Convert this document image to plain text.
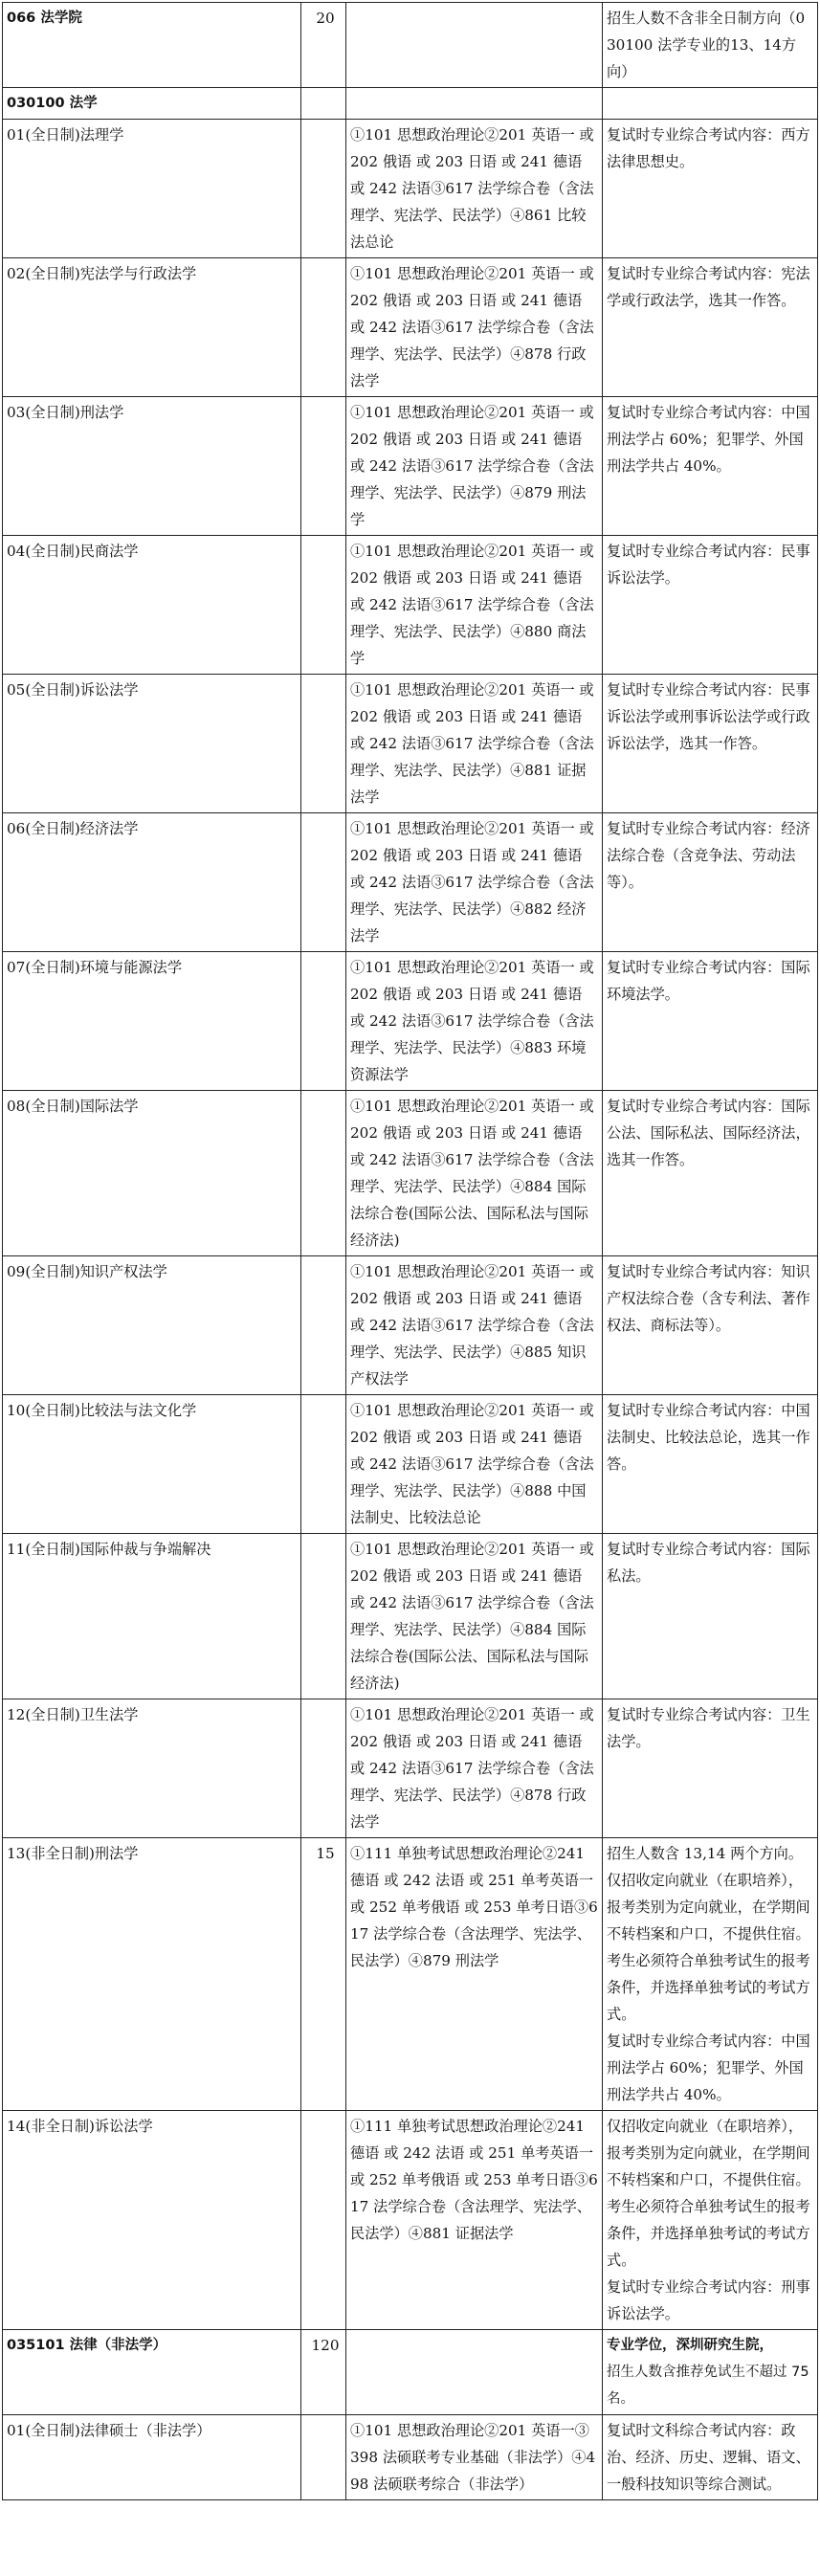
066 法学院	20		招生人数不含非全日制方向（030100 法学专业的13、14方向）
030100 法学			
01(全日制)法理学		①101 思想政治理论②201 英语一 或 202 俄语 或 203 日语 或 241 德语 或 242 法语③617 法学综合卷（含法理学、宪法学、民法学）④861 比较法总论	复试时专业综合考试内容：西方法律思想史。
02(全日制)宪法学与行政法学		①101 思想政治理论②201 英语一 或 202 俄语 或 203 日语 或 241 德语 或 242 法语③617 法学综合卷（含法理学、宪法学、民法学）④878 行政法学	复试时专业综合考试内容：宪法学或行政法学，选其一作答。
03(全日制)刑法学		①101 思想政治理论②201 英语一 或 202 俄语 或 203 日语 或 241 德语 或 242 法语③617 法学综合卷（含法理学、宪法学、民法学）④879 刑法学	复试时专业综合考试内容：中国刑法学占 60%；犯罪学、外国刑法学共占 40%。
04(全日制)民商法学		①101 思想政治理论②201 英语一 或 202 俄语 或 203 日语 或 241 德语 或 242 法语③617 法学综合卷（含法理学、宪法学、民法学）④880 商法学	复试时专业综合考试内容：民事诉讼法学。
05(全日制)诉讼法学		①101 思想政治理论②201 英语一 或 202 俄语 或 203 日语 或 241 德语 或 242 法语③617 法学综合卷（含法理学、宪法学、民法学）④881 证据法学	复试时专业综合考试内容：民事诉讼法学或刑事诉讼法学或行政诉讼法学，选其一作答。
06(全日制)经济法学		①101 思想政治理论②201 英语一 或 202 俄语 或 203 日语 或 241 德语 或 242 法语③617 法学综合卷（含法理学、宪法学、民法学）④882 经济法学	复试时专业综合考试内容：经济法综合卷（含竞争法、劳动法等）。
07(全日制)环境与能源法学		①101 思想政治理论②201 英语一 或 202 俄语 或 203 日语 或 241 德语 或 242 法语③617 法学综合卷（含法理学、宪法学、民法学）④883 环境资源法学	复试时专业综合考试内容：国际环境法学。
08(全日制)国际法学		①101 思想政治理论②201 英语一 或 202 俄语 或 203 日语 或 241 德语 或 242 法语③617 法学综合卷（含法理学、宪法学、民法学）④884 国际法综合卷(国际公法、国际私法与国际经济法)	复试时专业综合考试内容：国际公法、国际私法、国际经济法，选其一作答。
09(全日制)知识产权法学		①101 思想政治理论②201 英语一 或 202 俄语 或 203 日语 或 241 德语 或 242 法语③617 法学综合卷（含法理学、宪法学、民法学）④885 知识产权法学	复试时专业综合考试内容：知识产权法综合卷（含专利法、著作权法、商标法等）。
10(全日制)比较法与法文化学		①101 思想政治理论②201 英语一 或 202 俄语 或 203 日语 或 241 德语 或 242 法语③617 法学综合卷（含法理学、宪法学、民法学）④888 中国法制史、比较法总论	复试时专业综合考试内容：中国法制史、比较法总论，选其一作答。
11(全日制)国际仲裁与争端解决		①101 思想政治理论②201 英语一 或 202 俄语 或 203 日语 或 241 德语 或 242 法语③617 法学综合卷（含法理学、宪法学、民法学）④884 国际法综合卷(国际公法、国际私法与国际经济法)	复试时专业综合考试内容：国际私法。
12(全日制)卫生法学		①101 思想政治理论②201 英语一 或 202 俄语 或 203 日语 或 241 德语 或 242 法语③617 法学综合卷（含法理学、宪法学、民法学）④878 行政法学	复试时专业综合考试内容：卫生法学。
13(非全日制)刑法学	15	①111 单独考试思想政治理论②241 德语 或 242 法语 或 251 单考英语一 或 252 单考俄语 或 253 单考日语③617 法学综合卷（含法理学、宪法学、民法学）④879 刑法学	招生人数含 13,14 两个方向。仅招收定向就业（在职培养），报考类别为定向就业，在学期间不转档案和户口，不提供住宿。
考生必须符合单独考试生的报考条件，并选择单独考试的考试方式。
复试时专业综合考试内容：中国刑法学占 60%；犯罪学、外国刑法学共占 40%。

14(非全日制)诉讼法学		①111 单独考试思想政治理论②241 德语 或 242 法语 或 251 单考英语一 或 252 单考俄语 或 253 单考日语③617 法学综合卷（含法理学、宪法学、民法学）④881 证据法学	仅招收定向就业（在职培养），报考类别为定向就业，在学期间不转档案和户口，不提供住宿。
考生必须符合单独考试生的报考条件，并选择单独考试的考试方式。
复试时专业综合考试内容：刑事诉讼法学。

035101 法律（非法学）	120		专业学位，深圳研究生院，
招生人数含推荐免试生不超过 75 名。

01(全日制)法律硕士（非法学）		①101 思想政治理论②201 英语一③398 法硕联考专业基础（非法学）④498 法硕联考综合（非法学）	复试时文科综合考试内容：政治、经济、历史、逻辑、语文、一般科技知识等综合测试。
